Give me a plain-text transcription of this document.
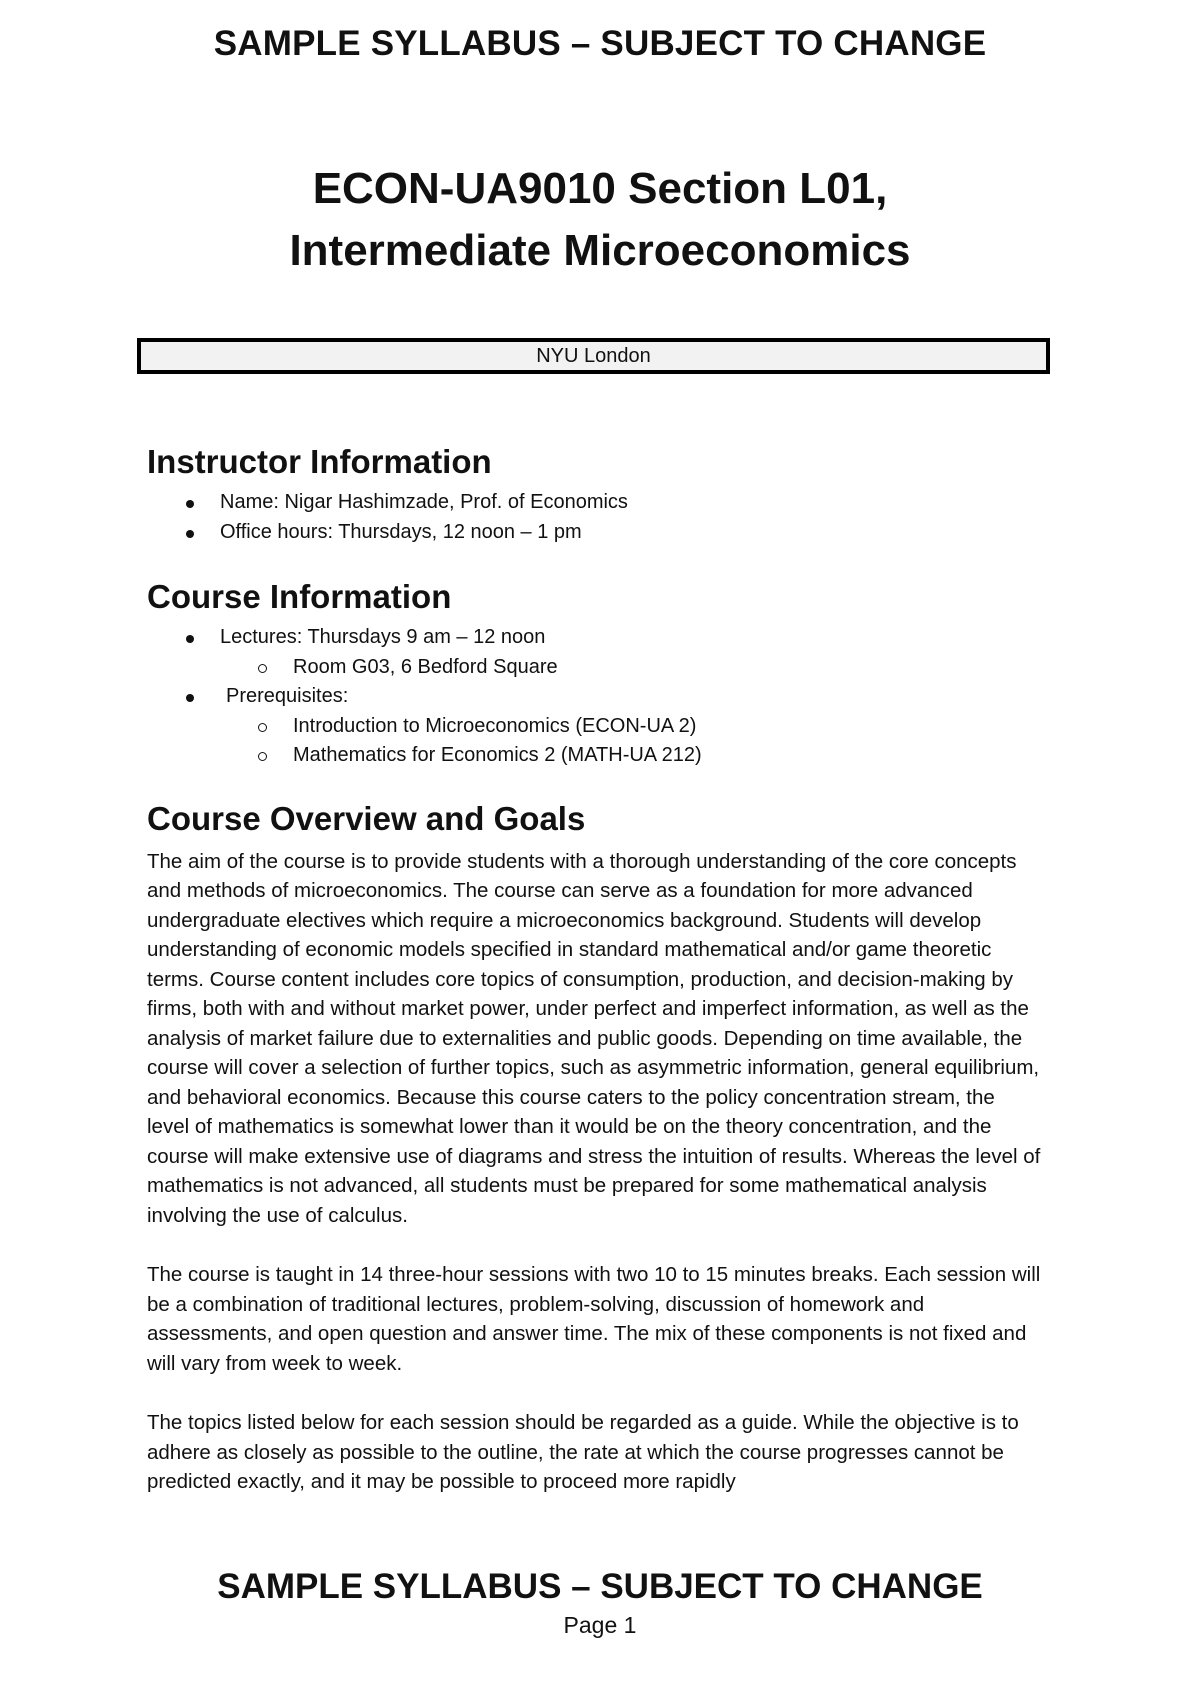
SAMPLE SYLLABUS – SUBJECT TO CHANGE
ECON-UA9010 Section L01,
Intermediate Microeconomics
NYU London
Instructor Information
Name: Nigar Hashimzade, Prof. of Economics
Office hours: Thursdays, 12 noon – 1 pm
Course Information
Lectures: Thursdays 9 am – 12 noon
Room G03, 6 Bedford Square
Prerequisites:
Introduction to Microeconomics (ECON-UA 2)
Mathematics for Economics 2 (MATH-UA 212)
Course Overview and Goals

The aim of the course is to provide students with a thorough understanding of the core concepts and methods of microeconomics. The course can serve as a foundation for more advanced undergraduate electives which require a microeconomics background. Students will develop understanding of economic models specified in standard mathematical and/or game theoretic terms. Course content includes core topics of consumption, production, and decision-making by firms, both with and without market power, under perfect and imperfect information, as well as the analysis of market failure due to externalities and public goods. Depending on time available, the course will cover a selection of further topics, such as asymmetric information, general equilibrium, and behavioral economics. Because this course caters to the policy concentration stream, the level of mathematics is somewhat lower than it would be on the theory concentration, and the course will make extensive use of diagrams and stress the intuition of results. Whereas the level of mathematics is not advanced, all students must be prepared for some mathematical analysis involving the use of calculus.

The course is taught in 14 three-hour sessions with two 10 to 15 minutes breaks. Each session will be a combination of traditional lectures, problem-solving, discussion of homework and assessments, and open question and answer time. The mix of these components is not fixed and will vary from week to week.

The topics listed below for each session should be regarded as a guide. While the objective is to adhere as closely as possible to the outline, the rate at which the course progresses cannot be predicted exactly, and it may be possible to proceed more rapidly

SAMPLE SYLLABUS – SUBJECT TO CHANGE
Page 1
